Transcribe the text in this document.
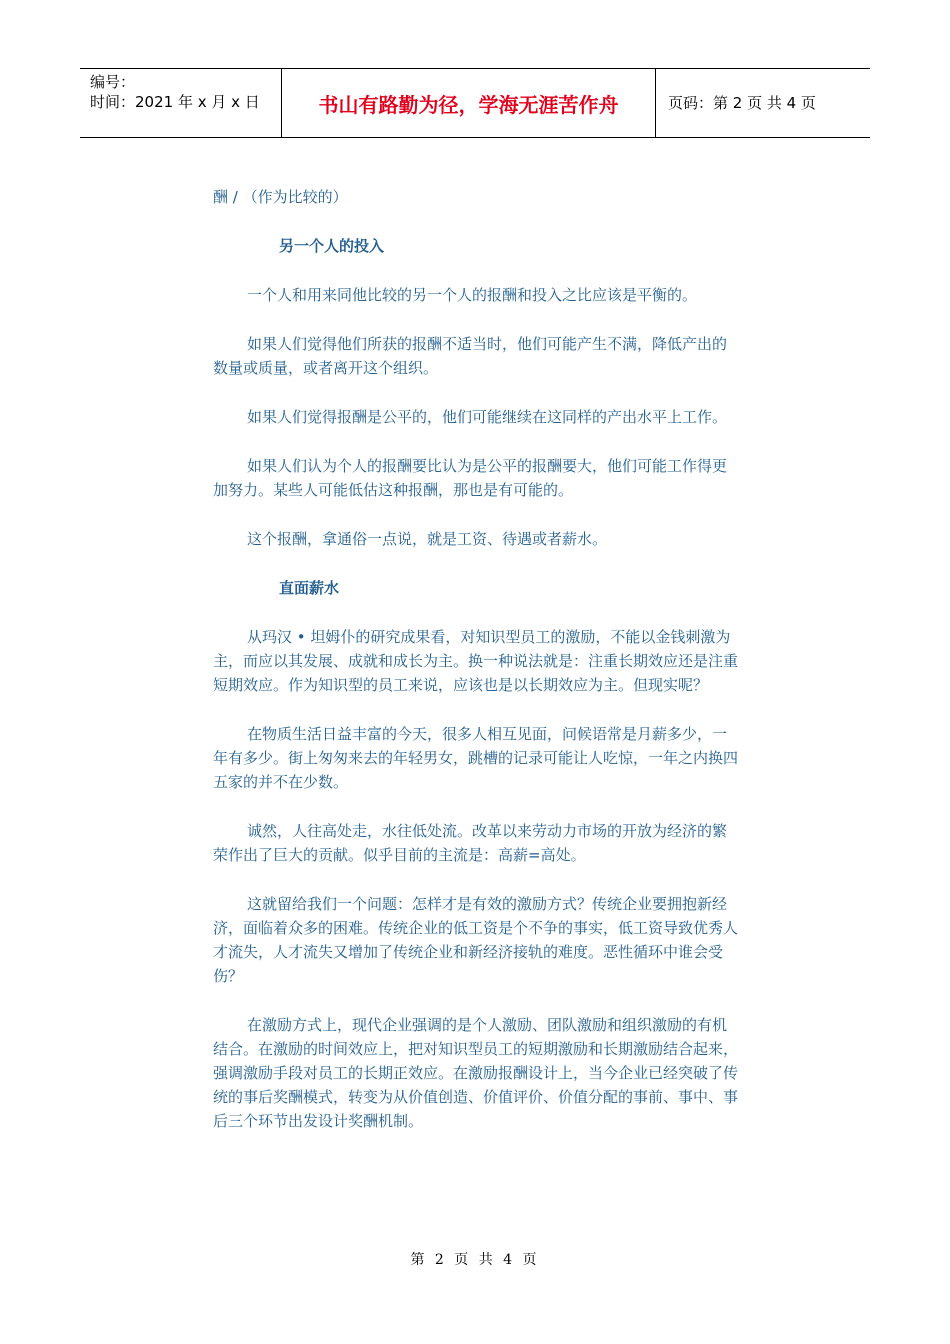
编号：
时间：2021 年 x 月 x 日	书山有路勤为径，学海无涯苦作舟	页码：第 2 页 共 4 页

酬 / （作为比较的）

另一个人的投入

一个人和用来同他比较的另一个人的报酬和投入之比应该是平衡的。

如果人们觉得他们所获的报酬不适当时，他们可能产生不满，降低产出的数量或质量，或者离开这个组织。

如果人们觉得报酬是公平的，他们可能继续在这同样的产出水平上工作。

如果人们认为个人的报酬要比认为是公平的报酬要大，他们可能工作得更加努力。某些人可能低估这种报酬，那也是有可能的。

这个报酬，拿通俗一点说，就是工资、待遇或者薪水。

直面薪水

从玛汉 • 坦姆仆的研究成果看，对知识型员工的激励，不能以金钱刺激为主，而应以其发展、成就和成长为主。换一种说法就是：注重长期效应还是注重短期效应。作为知识型的员工来说，应该也是以长期效应为主。但现实呢？

在物质生活日益丰富的今天，很多人相互见面，问候语常是月薪多少，一年有多少。街上匆匆来去的年轻男女，跳槽的记录可能让人吃惊，一年之内换四五家的并不在少数。

诚然，人往高处走，水往低处流。改革以来劳动力市场的开放为经济的繁荣作出了巨大的贡献。似乎目前的主流是：高薪=高处。

这就留给我们一个问题：怎样才是有效的激励方式？传统企业要拥抱新经济，面临着众多的困难。传统企业的低工资是个不争的事实，低工资导致优秀人才流失，人才流失又增加了传统企业和新经济接轨的难度。恶性循环中谁会受伤？

在激励方式上，现代企业强调的是个人激励、团队激励和组织激励的有机结合。在激励的时间效应上，把对知识型员工的短期激励和长期激励结合起来，强调激励手段对员工的长期正效应。在激励报酬设计上，当今企业已经突破了传统的事后奖酬模式，转变为从价值创造、价值评价、价值分配的事前、事中、事后三个环节出发设计奖酬机制。

第 2 页 共 4 页
